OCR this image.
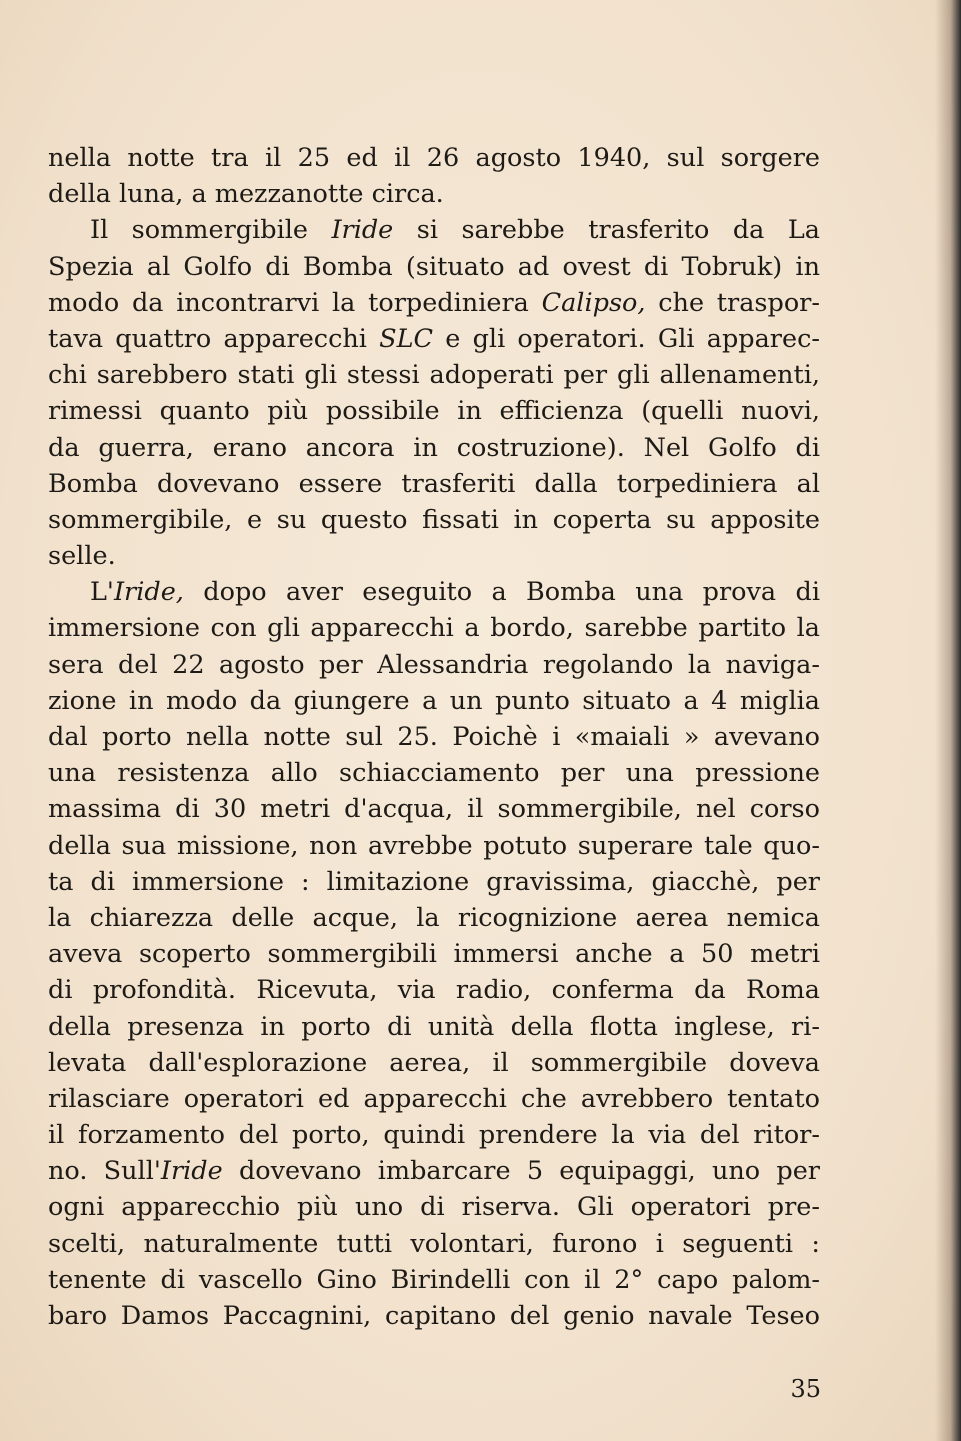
nella notte tra il 25 ed il 26 agosto 1940, sul sorgere
della luna, a mezzanotte circa.
Il sommergibile Iride si sarebbe trasferito da La
Spezia al Golfo di Bomba (situato ad ovest di Tobruk) in
modo da incontrarvi la torpediniera Calipso, che traspor-
tava quattro apparecchi SLC e gli operatori. Gli apparec-
chi sarebbero stati gli stessi adoperati per gli allenamenti,
rimessi quanto più possibile in efficienza (quelli nuovi,
da guerra, erano ancora in costruzione). Nel Golfo di
Bomba dovevano essere trasferiti dalla torpediniera al
sommergibile, e su questo fissati in coperta su apposite
selle.
L'Iride, dopo aver eseguito a Bomba una prova di
immersione con gli apparecchi a bordo, sarebbe partito la
sera del 22 agosto per Alessandria regolando la naviga-
zione in modo da giungere a un punto situato a 4 miglia
dal porto nella notte sul 25. Poichè i «maiali » avevano
una resistenza allo schiacciamento per una pressione
massima di 30 metri d'acqua, il sommergibile, nel corso
della sua missione, non avrebbe potuto superare tale quo-
ta di immersione : limitazione gravissima, giacchè, per
la chiarezza delle acque, la ricognizione aerea nemica
aveva scoperto sommergibili immersi anche a 50 metri
di profondità. Ricevuta, via radio, conferma da Roma
della presenza in porto di unità della flotta inglese, ri-
levata dall'esplorazione aerea, il sommergibile doveva
rilasciare operatori ed apparecchi che avrebbero tentato
il forzamento del porto, quindi prendere la via del ritor-
no. Sull'Iride dovevano imbarcare 5 equipaggi, uno per
ogni apparecchio più uno di riserva. Gli operatori pre-
scelti, naturalmente tutti volontari, furono i seguenti :
tenente di vascello Gino Birindelli con il 2° capo palom-
baro Damos Paccagnini, capitano del genio navale Teseo
35
